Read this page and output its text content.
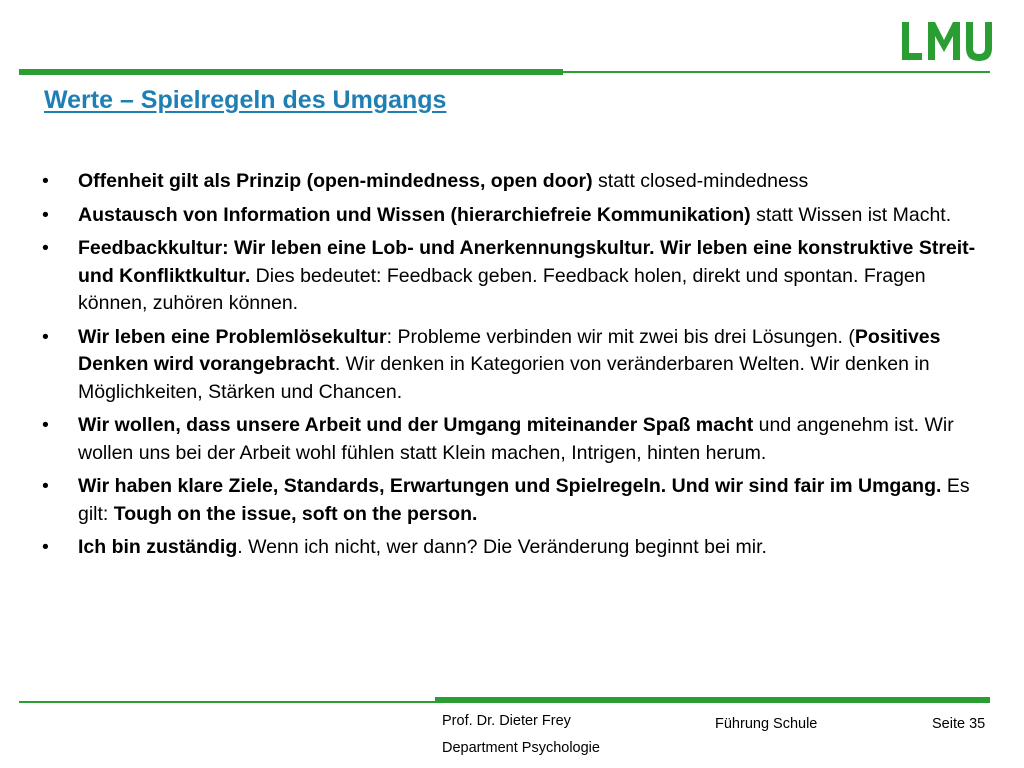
Werte – Spielregeln des Umgangs
• Offenheit gilt als Prinzip (open-mindedness, open door) statt closed-mindedness
• Austausch von Information und Wissen (hierarchiefreie Kommunikation) statt Wissen ist Macht.
• Feedbackkultur: Wir leben eine Lob- und Anerkennungskultur. Wir leben eine konstruktive Streit- und Konfliktkultur. Dies bedeutet: Feedback geben. Feedback holen, direkt und spontan. Fragen können, zuhören können.
• Wir leben eine Problemlösekultur: Probleme verbinden wir mit zwei bis drei Lösungen. (Positives Denken wird vorangebracht. Wir denken in Kategorien von veränderbaren Welten. Wir denken in Möglichkeiten, Stärken und Chancen.
• Wir wollen, dass unsere Arbeit und der Umgang miteinander Spaß macht und angenehm ist. Wir wollen uns bei der Arbeit wohl fühlen statt Klein machen, Intrigen, hinten herum.
• Wir haben klare Ziele, Standards, Erwartungen und Spielregeln. Und wir sind fair im Umgang. Es gilt: Tough on the issue, soft on the person.
• Ich bin zuständig. Wenn ich nicht, wer dann? Die Veränderung beginnt bei mir.
Prof. Dr. Dieter Frey
Department Psychologie
Führung Schule	Seite 35
